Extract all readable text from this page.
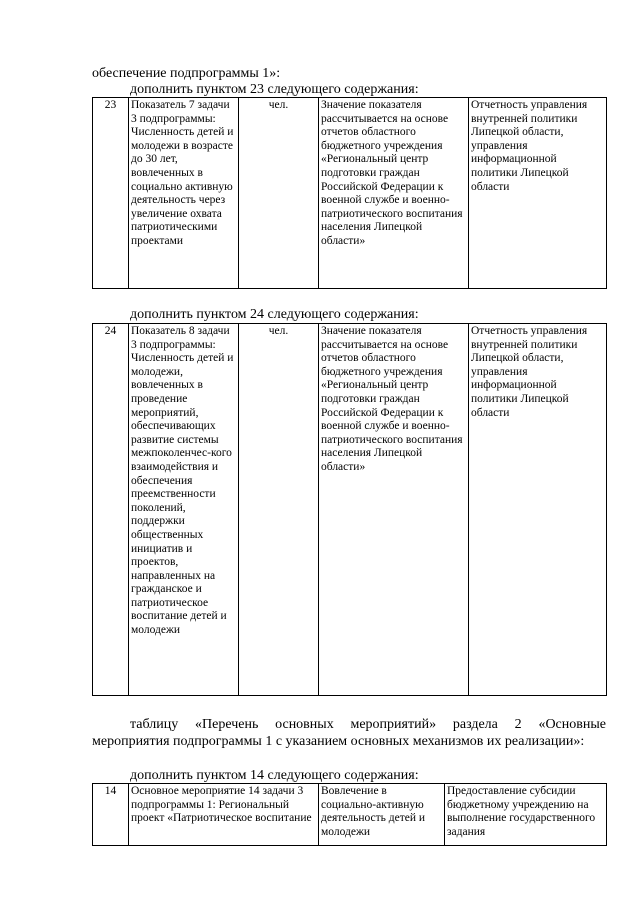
обеспечение подпрограммы 1»:
дополнить пунктом 23 следующего содержания:
23	Показатель 7 задачи 3 подпрограммы: Численность детей и молодежи в возрасте до 30 лет, вовлеченных в социально активную деятельность через увеличение охвата патриотическими проектами	чел.	Значение показателя рассчитывается на основе отчетов областного бюджетного учреждения «Региональный центр подготовки граждан Российской Федерации к военной службе и военно-патриотического воспитания населения Липецкой области»	Отчетность управления внутренней политики Липецкой области, управления информационной политики Липецкой области
дополнить пунктом 24 следующего содержания:
24	Показатель 8 задачи 3 подпрограммы: Численность детей и молодежи, вовлеченных в проведение мероприятий, обеспечивающих развитие системы межпоколенчес-кого взаимодействия и обеспечения преемственности поколений, поддержки общественных инициатив и проектов, направленных на гражданское и патриотическое воспитание детей и молодежи	чел.	Значение показателя рассчитывается на основе отчетов областного бюджетного учреждения «Региональный центр подготовки граждан Российской Федерации к военной службе и военно-патриотического воспитания населения Липецкой области»	Отчетность управления внутренней политики Липецкой области, управления информационной политики Липецкой области
таблицу «Перечень основных мероприятий» раздела 2 «Основные мероприятия подпрограммы 1 с указанием основных механизмов их реализации»:
дополнить пунктом 14 следующего содержания:
14	Основное мероприятие 14 задачи 3 подпрограммы 1: Региональный проект «Патриотическое воспитание	Вовлечение в социально-активную деятельность детей и молодежи	Предоставление субсидии бюджетному учреждению на выполнение государственного задания
